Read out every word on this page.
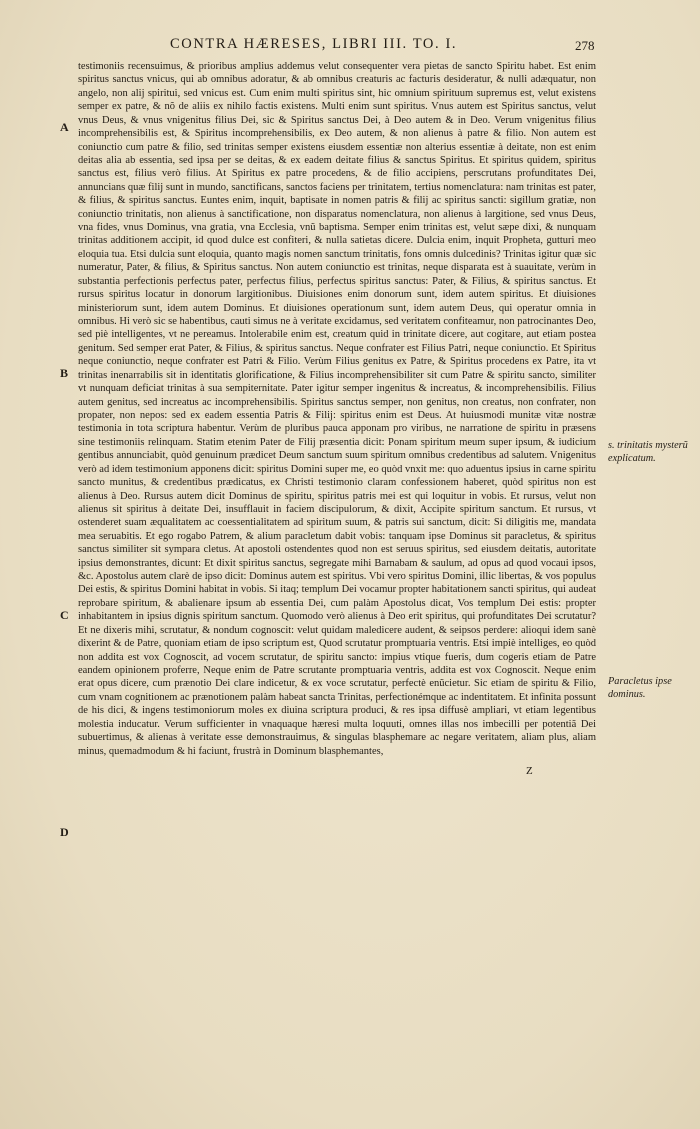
CONTRA HÆRESES, LIBRI III. TO. I.	278
A
B
C
D

testimoniis recensuimus, & prioribus amplius addemus velut consequenter vera pietas de sancto Spiritu habet. Est enim spiritus sanctus vnicus, qui ab omnibus adoratur, & ab omnibus creaturis ac facturis desideratur, & nulli adæquatur, non angelo, non alij spiritui, sed vnicus est. Cum enim multi spiritus sint, hic omnium spirituum supremus est, velut existens semper ex patre, & nõ de aliis ex nihilo factis existens. Multi enim sunt spiritus. Vnus autem est Spiritus sanctus, velut vnus Deus, & vnus vnigenitus filius Dei, sic & Spiritus sanctus Dei, à Deo autem & in Deo. Verum vnigenitus filius incomprehensibilis est, & Spiritus incomprehensibilis, ex Deo autem, & non alienus à patre & filio. Non autem est coniunctio cum patre & filio, sed trinitas semper existens eiusdem essentiæ non alterius essentiæ à deitate, non est enim deitas alia ab essentia, sed ipsa per se deitas, & ex eadem deitate filius & sanctus Spiritus. Et spiritus quidem, spiritus sanctus est, filius verò filius. At Spiritus ex patre procedens, & de filio accipiens, perscrutans profunditates Dei, annuncians quæ filij sunt in mundo, sanctificans, sanctos faciens per trinitatem, tertius nomenclatura: nam trinitas est pater, & filius, & spiritus sanctus. Euntes enim, inquit, baptisate in nomen patris & filij ac spiritus sancti: sigillum gratiæ, non coniunctio trinitatis, non alienus à sanctificatione, non disparatus nomenclatura, non alienus à largitione, sed vnus Deus, vna fides, vnus Dominus, vna gratia, vna Ecclesia, vnũ baptisma. Semper enim trinitas est, velut sæpe dixi, & nunquam trinitas additionem accipit, id quod dulce est confiteri, & nulla satietas dicere. Dulcia enim, inquit Propheta, gutturi meo eloquia tua. Etsi dulcia sunt eloquia, quanto magis nomen sanctum trinitatis, fons omnis dulcedinis? Trinitas igitur quæ sic numeratur, Pater, & filius, & Spiritus sanctus. Non autem coniunctio est trinitas, neque disparata est à suauitate, verùm in substantia perfectionis perfectus pater, perfectus filius, perfectus spiritus sanctus: Pater, & Filius, & spiritus sanctus. Et rursus spiritus locatur in donorum largitionibus. Diuisiones enim donorum sunt, idem autem spiritus. Et diuisiones ministeriorum sunt, idem autem Dominus. Et diuisiones operationum sunt, idem autem Deus, qui operatur omnia in omnibus. Hi verò sic se habentibus, cauti simus ne à veritate excidamus, sed veritatem confiteamur, non patrocinantes Deo, sed piè intelligentes, vt ne pereamus. Intolerabile enim est, creatum quid in trinitate dicere, aut cogitare, aut etiam postea genitum. Sed semper erat Pater, & Filius, & spiritus sanctus. Neque confrater est Filius Patri, neque coniunctio. Et Spiritus neque coniunctio, neque confrater est Patri & Filio. Verùm Filius genitus ex Patre, & Spiritus procedens ex Patre, ita vt trinitas inenarrabilis sit in identitatis glorificatione, & Filius incomprehensibiliter sit cum Patre & spiritu sancto, similiter vt nunquam deficiat trinitas à sua sempiternitate. Pater igitur semper ingenitus & increatus, & incomprehensibilis. Filius autem genitus, sed increatus ac incomprehensibilis. Spiritus sanctus semper, non genitus, non creatus, non confrater, non propater, non nepos: sed ex eadem essentia Patris & Filij: spiritus enim est Deus. At huiusmodi munitæ vitæ nostræ testimonia in tota scriptura habentur. Verùm de pluribus pauca apponam pro viribus, ne narratione de spiritu in præsens sine testimoniis relinquam. Statim etenim Pater de Filij præsentia dicit: Ponam spiritum meum super ipsum, & iudicium gentibus annunciabit, quòd genuinum prædicet Deum sanctum suum spiritum omnibus credentibus ad salutem. Vnigenitus verò ad idem testimonium apponens dicit: spiritus Domini super me, eo quòd vnxit me: quo aduentus ipsius in carne spiritu sancto munitus, & credentibus prædicatus, ex Christi testimonio claram confessionem haberet, quòd spiritus non est alienus à Deo. Rursus autem dicit Dominus de spiritu, spiritus patris mei est qui loquitur in vobis. Et rursus, velut non alienus sit spiritus à deitate Dei, insufflauit in faciem discipulorum, & dixit, Accipite spiritum sanctum. Et rursus, vt ostenderet suam æqualitatem ac coessentialitatem ad spiritum suum, & patris sui sanctum, dicit: Si diligitis me, mandata mea seruabitis. Et ego rogabo Patrem, & alium paracletum dabit vobis: tanquam ipse Dominus sit paracletus, & spiritus sanctus similiter sit sympara cletus. At apostoli ostendentes quod non est seruus spiritus, sed eiusdem deitatis, autoritate ipsius demonstrantes, dicunt: Et dixit spiritus sanctus, segregate mihi Barnabam & saulum, ad opus ad quod vocaui ipsos, &c. Apostolus autem clarè de ipso dicit: Dominus autem est spiritus. Vbi vero spiritus Domini, illic libertas, & vos populus Dei estis, & spiritus Domini habitat in vobis. Si itaq; templum Dei vocamur propter habitationem sancti spiritus, qui audeat reprobare spiritum, & abalienare ipsum ab essentia Dei, cum palàm Apostolus dicat, Vos templum Dei estis: propter inhabitantem in ipsius dignis spiritum sanctum. Quomodo verò alienus à Deo erit spiritus, qui profunditates Dei scrutatur? Et ne dixeris mihi, scrutatur, & nondum cognoscit: velut quidam maledicere audent, & seipsos perdere: alioqui idem sanè dixerint & de Patre, quoniam etiam de ipso scriptum est, Quod scrutatur promptuaria ventris. Etsi impiè intelliges, eo quòd non addita est vox Cognoscit, ad vocem scrutatur, de spiritu sancto: impius vtique fueris, dum cogeris etiam de Patre eandem opinionem proferre, Neque enim de Patre scrutante promptuaria ventris, addita est vox Cognoscit. Neque enim erat opus dicere, cum prænotio Dei clare indicetur, & ex voce scrutatur, perfectè enũcietur. Sic etiam de spiritu & Filio, cum vnam cognitionem ac prænotionem palàm habeat sancta Trinitas, perfectionémque ac indentitatem. Et infinita possunt de his dici, & ingens testimoniorum moles ex diuina scriptura produci, & res ipsa diffusè ampliari, vt etiam legentibus molestia inducatur. Verum sufficienter in vnaquaque hæresi multa loquuti, omnes illas nos imbecilli per potentiã Dei subuertimus, & alienas à veritate esse demonstrauimus, & singulas blasphemare ac negare veritatem, aliam plus, aliam minus, quemadmodum & hi faciunt, frustrà in Dominum blasphemantes,

s. trinitatis mysterũ explicatum.
Paracletus ipse dominus.
Z
